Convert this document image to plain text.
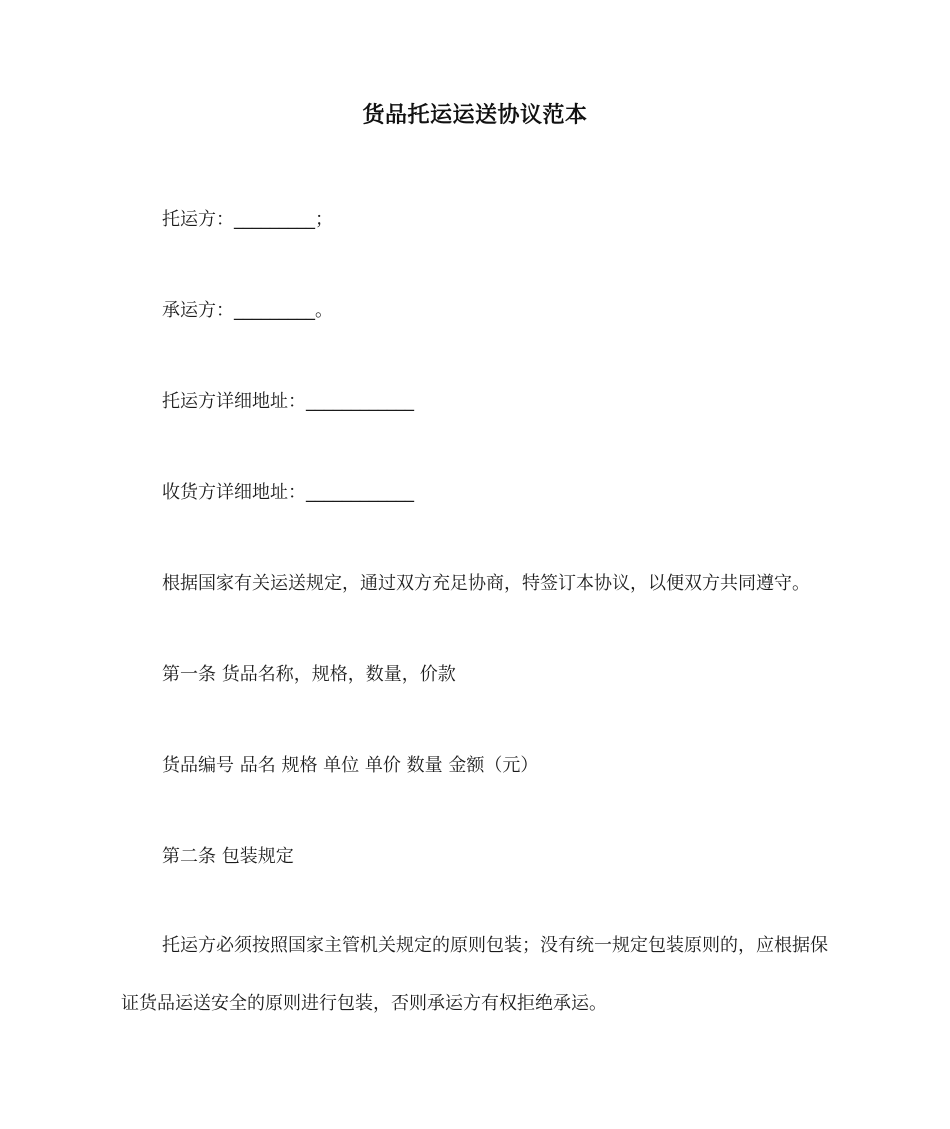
货品托运运送协议范本
托运方：_________；
承运方：_________。
托运方详细地址：____________
收货方详细地址：____________
根据国家有关运送规定，通过双方充足协商，特签订本协议，以便双方共同遵守。
第一条 货品名称，规格，数量，价款
货品编号 品名 规格 单位 单价 数量 金额（元）
第二条 包装规定
托运方必须按照国家主管机关规定的原则包装；没有统一规定包装原则的，应根据保证货品运送安全的原则进行包装，否则承运方有权拒绝承运。
